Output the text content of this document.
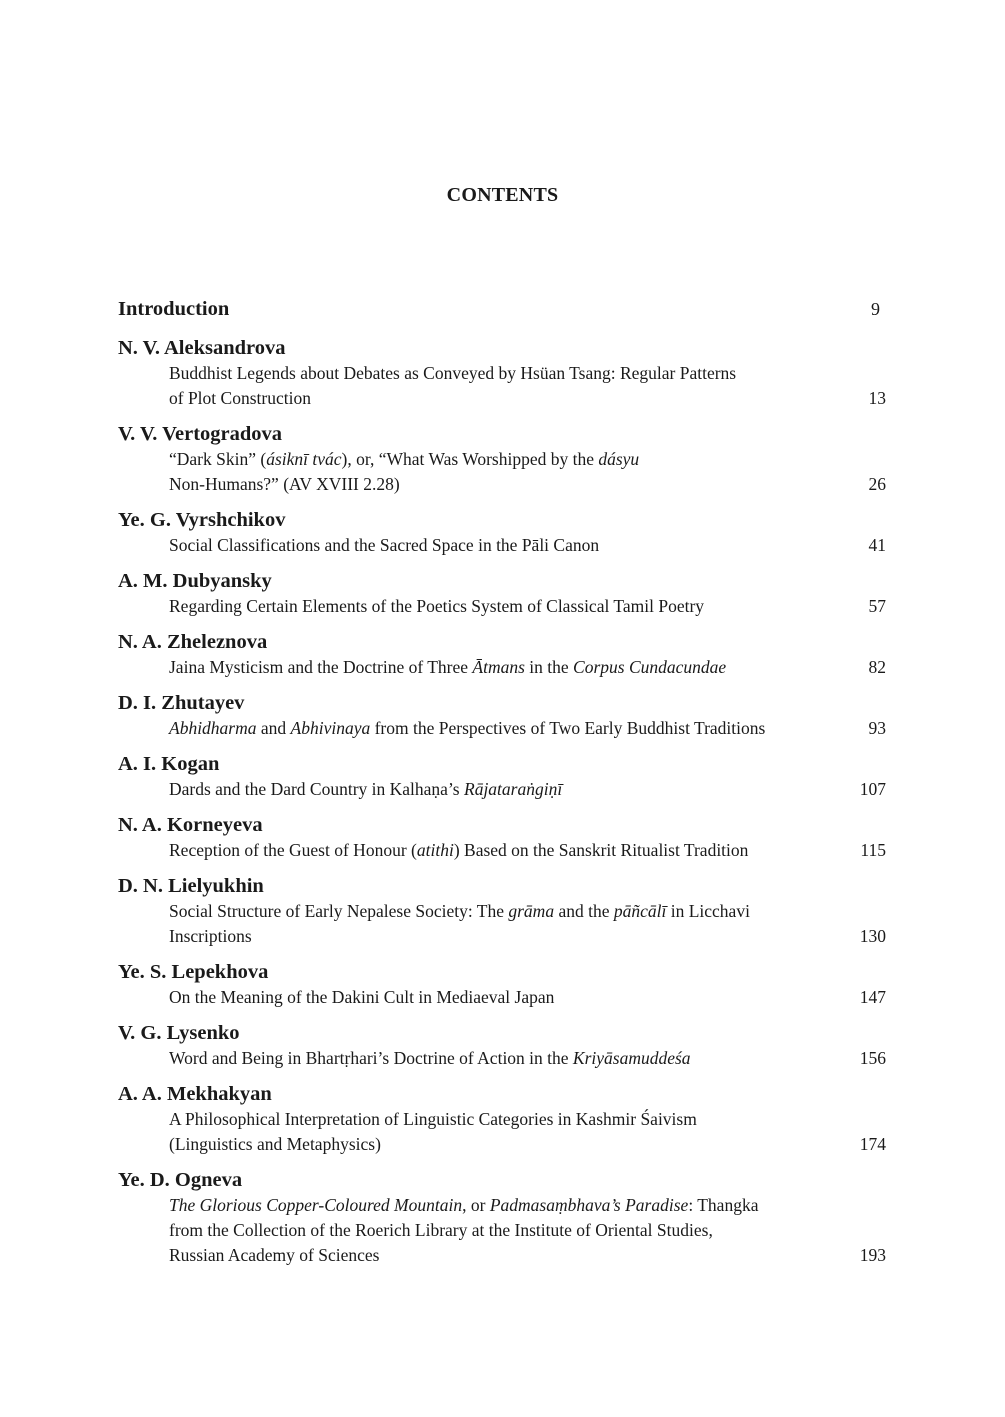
CONTENTS
Introduction	9
N. V. Aleksandrova
Buddhist Legends about Debates as Conveyed by Hsüan Tsang: Regular Patterns
of Plot Construction	13
V. V. Vertogradova
“Dark Skin” (ásiknī tvác), or, “What Was Worshipped by the dásyu
Non-Humans?” (AV XVIII 2.28)	26
Ye. G. Vyrshchikov
Social Classifications and the Sacred Space in the Pāli Canon	41
A. M. Dubyansky
Regarding Certain Elements of the Poetics System of Classical Tamil Poetry	57
N. A. Zheleznova
Jaina Mysticism and the Doctrine of Three Ātmans in the Corpus Cundacundae	82
D. I. Zhutayev
Abhidharma and Abhivinaya from the Perspectives of Two Early Buddhist Traditions	93
A. I. Kogan
Dards and the Dard Country in Kalhaṇa’s Rājataraṅgiṇī	107
N. A. Korneyeva
Reception of the Guest of Honour (atithi) Based on the Sanskrit Ritualist Tradition	115
D. N. Lielyukhin
Social Structure of Early Nepalese Society: The grāma and the pāñcālī in Licchavi
Inscriptions	130
Ye. S. Lepekhova
On the Meaning of the Dakini Cult in Mediaeval Japan	147
V. G. Lysenko
Word and Being in Bhartṛhari’s Doctrine of Action in the Kriyāsamuddeśa	156
A. A. Mekhakyan
A Philosophical Interpretation of Linguistic Categories in Kashmir Śaivism
(Linguistics and Metaphysics)	174
Ye. D. Ogneva
The Glorious Copper-Coloured Mountain, or Padmasaṃbhava’s Paradise: Thangka
from the Collection of the Roerich Library at the Institute of Oriental Studies,
Russian Academy of Sciences	193
